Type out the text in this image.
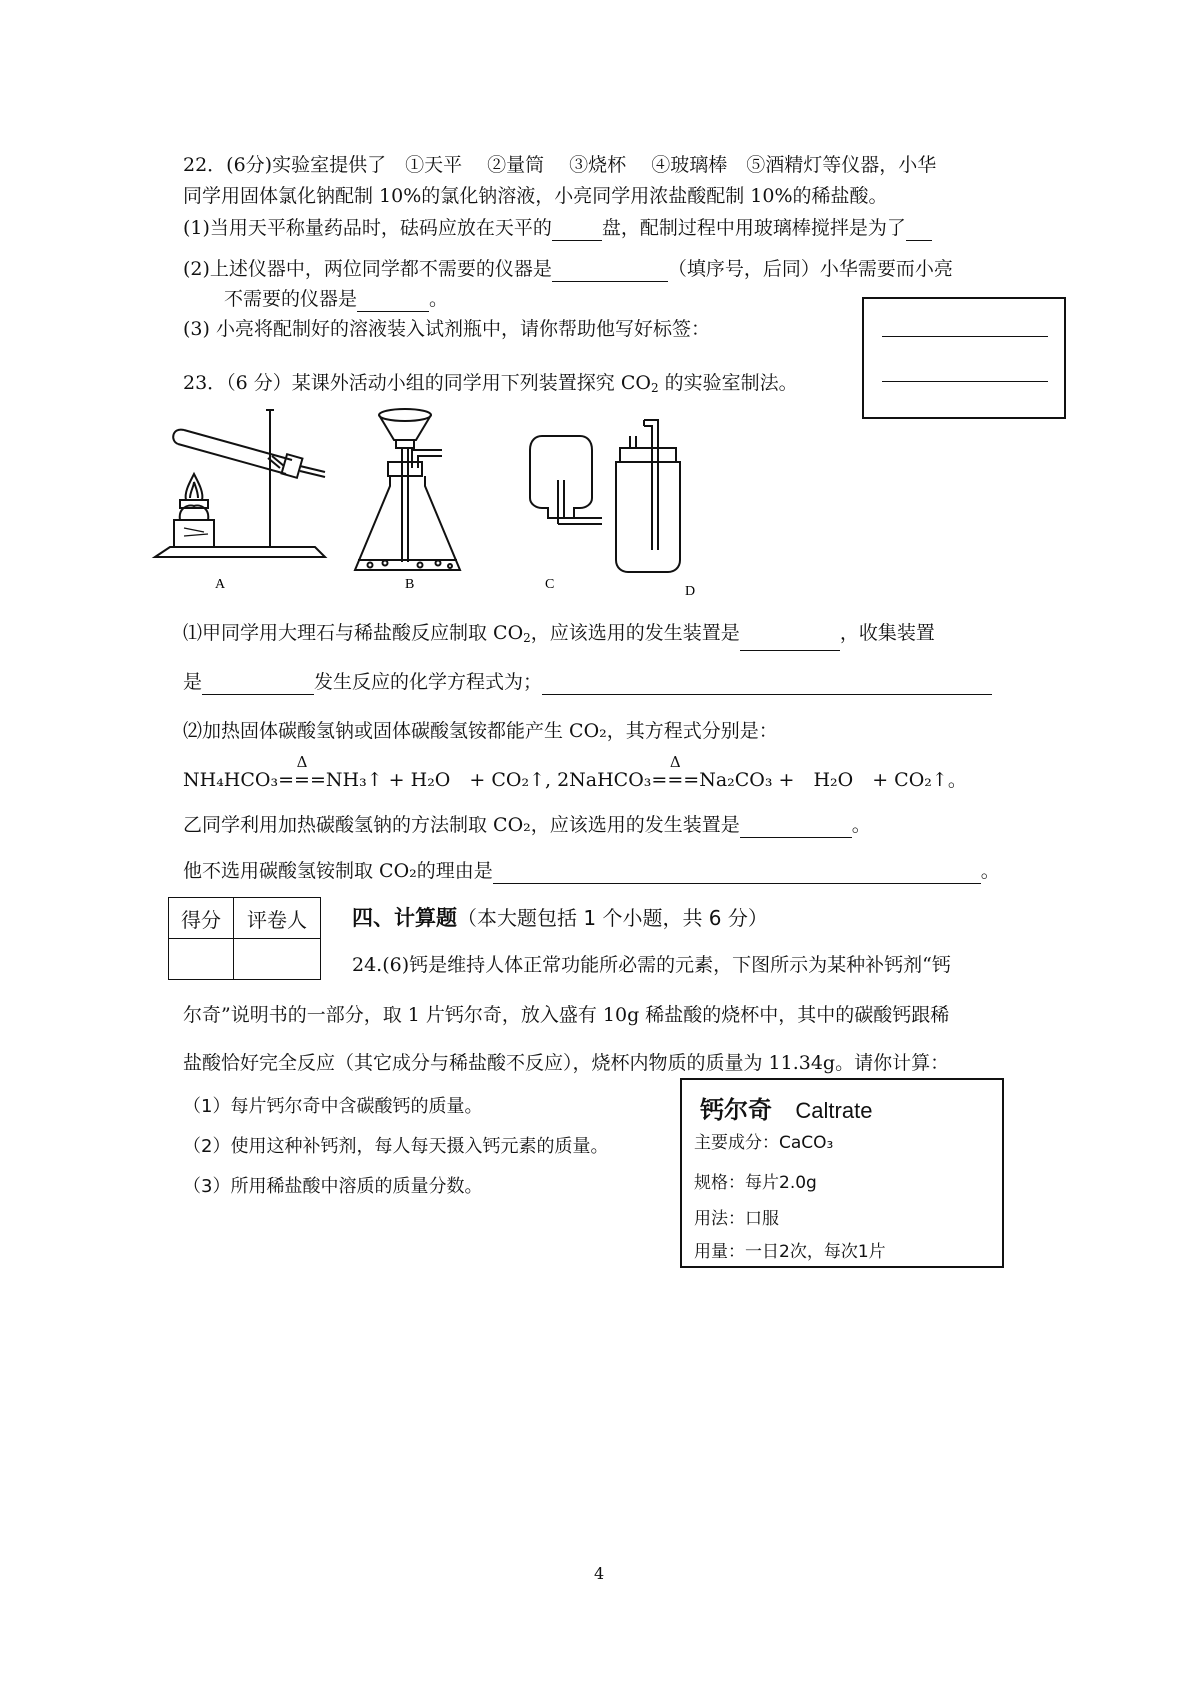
22．(6分)实验室提供了　①天平　 ②量筒　 ③烧杯　 ④玻璃棒　⑤酒精灯等仪器，小华
同学用固体氯化钠配制 10%的氯化钠溶液，小亮同学用浓盐酸配制 10%的稀盐酸。
(1)当用天平称量药品时，砝码应放在天平的	盘，配制过程中用玻璃棒搅拌是为了
(2)上述仪器中，两位同学都不需要的仪器是	（填序号，后同）小华需要而小亮
不需要的仪器是	。
(3) 小亮将配制好的溶液装入试剂瓶中，请你帮助他写好标签：
23．（6 分）某课外活动小组的同学用下列装置探究 $CO_2$ 的实验室制法。
A	B	C	D
⑴甲同学用大理石与稀盐酸反应制取 $CO_2$，应该选用的发生装置是	，收集装置
是	发生反应的化学方程式为；
⑵加热固体碳酸氢钠或固体碳酸氢铵都能产生 CO₂，其方程式分别是：
NH₄HCO₃
Δ
===NH₃↑ + H₂O　+ CO₂↑, 2NaHCO₃
Δ
===Na₂CO₃ +　H₂O　+ CO₂↑。
乙同学利用加热碳酸氢钠的方法制取 CO₂，应该选用的发生装置是	。
他不选用碳酸氢铵制取 CO₂的理由是	。
得分	评卷人
	四、计算题（本大题包括 1 个小题，共 6 分）
24.(6)钙是维持人体正常功能所必需的元素，下图所示为某种补钙剂“钙
尔奇”说明书的一部分，取 1 片钙尔奇，放入盛有 10g 稀盐酸的烧杯中，其中的碳酸钙跟稀
盐酸恰好完全反应（其它成分与稀盐酸不反应），烧杯内物质的质量为 11.34g。请你计算：
（1）每片钙尔奇中含碳酸钙的质量。
（2）使用这种补钙剂，每人每天摄入钙元素的质量。
（3）所用稀盐酸中溶质的质量分数。
钙尔奇 Caltrate
主要成分：CaCO₃
规格：每片2.0g
用法：口服
用量：一日2次，每次1片
4
